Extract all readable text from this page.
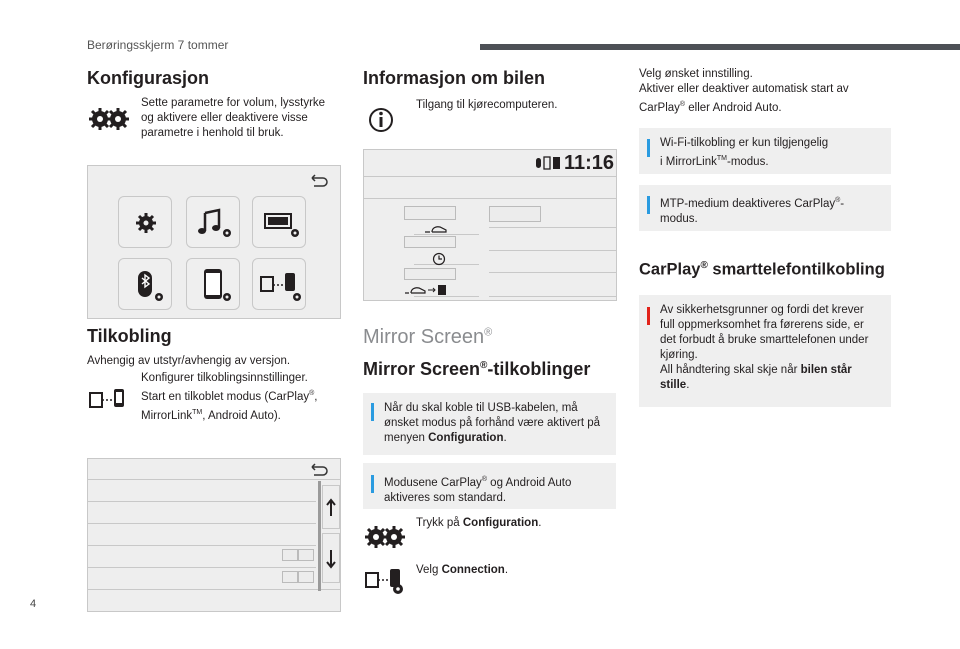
Berøringsskjerm 7 tommer
Konfigurasjon
Sette parametre for volum, lysstyrke og aktivere eller deaktivere visse parametre i henhold til bruk.
Tilkobling
Avhengig av utstyr/avhengig av versjon.
Konfigurer tilkoblingsinnstillinger.
Start en tilkoblet modus (CarPlay®,
MirrorLink™, Android Auto).
Informasjon om bilen
Tilgang til kjørecomputeren.
11:16
Mirror Screen®
Mirror Screen®-tilkoblinger
Når du skal koble til USB-kabelen, må
ønsket modus på forhånd være aktivert på
menyen Configuration.
Modusene CarPlay® og Android Auto
aktiveres som standard.
Trykk på Configuration.
Velg Connection.
Velg ønsket innstilling.
Aktiver eller deaktiver automatisk start av
CarPlay® eller Android Auto.
Wi-Fi-tilkobling er kun tilgjengelig
i MirrorLink™-modus.
MTP-medium deaktiveres CarPlay®-
modus.
CarPlay® smarttelefontilkobling
Av sikkerhetsgrunner og fordi det krever
full oppmerksomhet fra førerens side, er
det forbudt å bruke smarttelefonen under
kjøring.
All håndtering skal skje når bilen står
stille.
4
